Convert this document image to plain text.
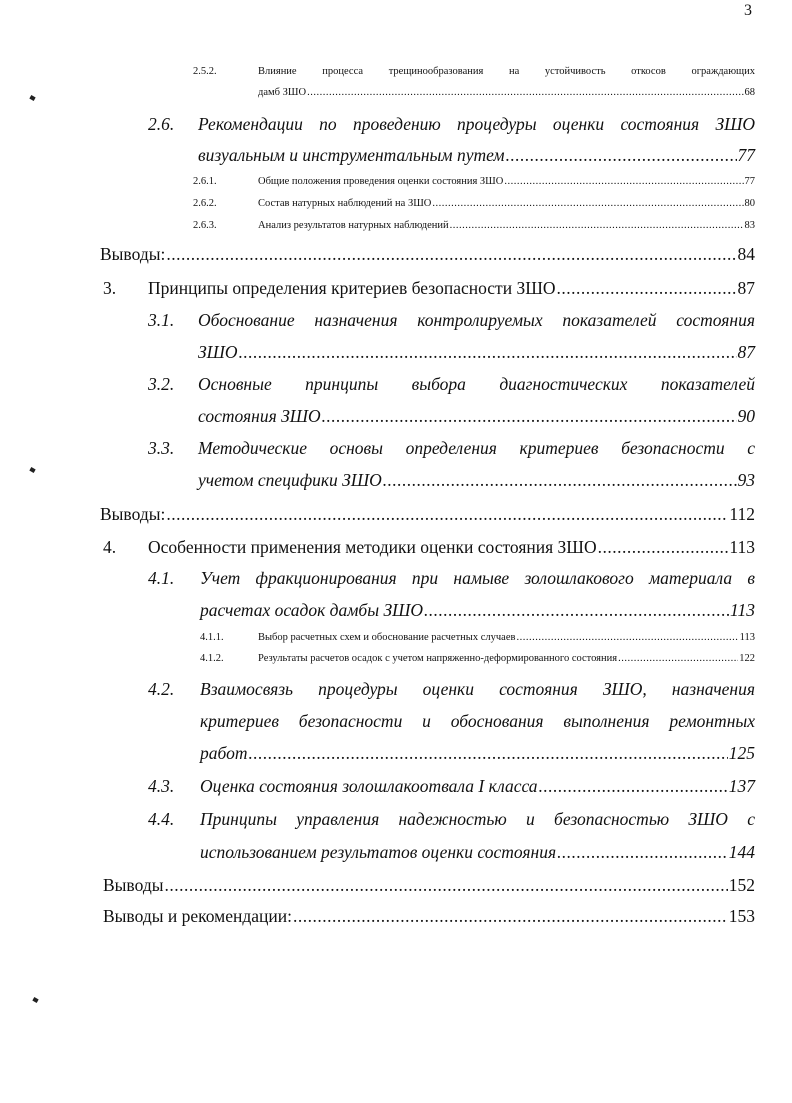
3
2.5.2.	Влияние процесса трещинообразования на устойчивость откосов ограждающих
дамб ЗШО .....	68
2.6. Рекомендации по проведению процедуры оценки состояния ЗШО
визуальным и инструментальным путем .....	77
2.6.1.	Общие положения проведения оценки состояния ЗШО .....	77
2.6.2.	Состав натурных наблюдений на ЗШО .....	80
2.6.3.	Анализ результатов натурных наблюдений .....	83
Выводы: .....	84
3.	Принципы определения критериев безопасности ЗШО .....	87
3.1. Обоснование назначения контролируемых показателей состояния
ЗШО .....	87
3.2. Основные принципы выбора диагностических показателей
состояния ЗШО .....	90
3.3. Методические основы определения критериев безопасности с
учетом специфики ЗШО .....	93
Выводы: .....	112
4.	Особенности применения методики оценки состояния ЗШО .....	113
4.1. Учет фракционирования при намыве золошлакового материала в
расчетах осадок дамбы ЗШО .....	113
4.1.1.	Выбор расчетных схем и обоснование расчетных случаев .....	113
4.1.2.	Результаты расчетов осадок с учетом напряженно-деформированного состояния .....	122
4.2. Взаимосвязь процедуры оценки состояния ЗШО, назначения
критериев безопасности и обоснования выполнения ремонтных
работ .....	125
4.3.	Оценка состояния золошлакоотвала I класса .....	137
4.4. Принципы управления надежностью и безопасностью ЗШО с
использованием результатов оценки состояния .....	144
Выводы .....	152
Выводы и рекомендации: .....	153
